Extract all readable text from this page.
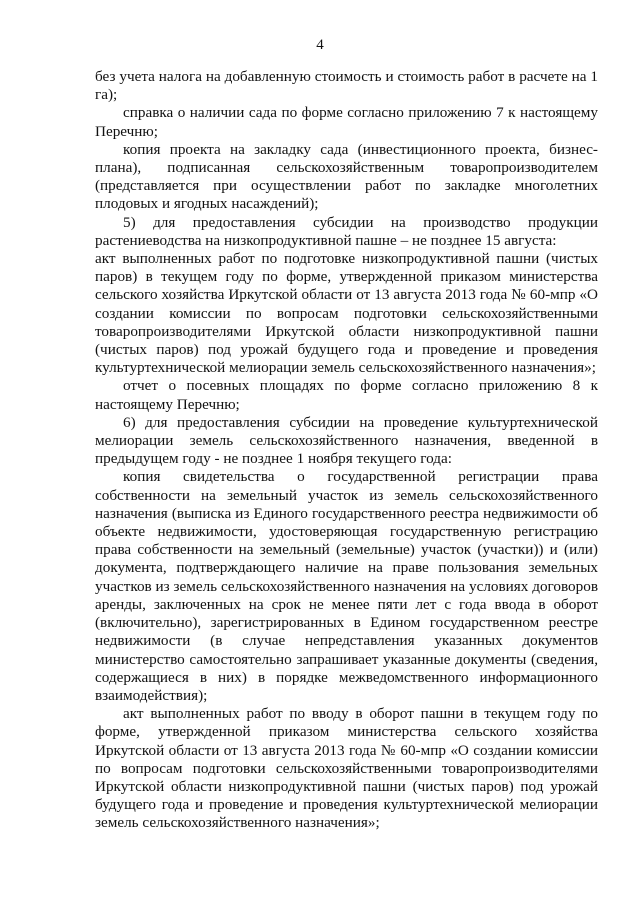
4

без учета налога на добавленную стоимость и стоимость работ в расчете на 1 га);

справка о наличии сада по форме согласно приложению 7 к настоящему Перечню;

копия проекта на закладку сада (инвестиционного проекта, бизнес-плана), подписанная сельскохозяйственным товаропроизводителем (представляется при осуществлении работ по закладке многолетних плодовых и ягодных насаждений);

5) для предоставления субсидии на производство продукции растениеводства на низкопродуктивной пашне – не позднее 15 августа:

акт выполненных работ по подготовке низкопродуктивной пашни (чистых паров) в текущем году по форме, утвержденной приказом министерства сельского хозяйства Иркутской области от 13 августа 2013 года № 60-мпр «О создании комиссии по вопросам подготовки сельскохозяйственными товаропроизводителями Иркутской области низкопродуктивной пашни (чистых паров) под урожай будущего года и проведение и проведения культуртехнической мелиорации земель сельскохозяйственного назначения»;

отчет о посевных площадях по форме согласно приложению 8 к настоящему Перечню;

6) для предоставления субсидии на проведение культуртехнической мелиорации земель сельскохозяйственного назначения, введенной в предыдущем году - не позднее 1 ноября текущего года:

копия свидетельства о государственной регистрации права собственности на земельный участок из земель сельскохозяйственного назначения (выписка из Единого государственного реестра недвижимости об объекте недвижимости, удостоверяющая государственную регистрацию права собственности на земельный (земельные) участок (участки)) и (или) документа, подтверждающего наличие на праве пользования земельных участков из земель сельскохозяйственного назначения на условиях договоров аренды, заключенных на срок не менее пяти лет с года ввода в оборот (включительно), зарегистрированных в Едином государственном реестре недвижимости (в случае непредставления указанных документов министерство самостоятельно запрашивает указанные документы (сведения, содержащиеся в них) в порядке межведомственного информационного взаимодействия);

акт выполненных работ по вводу в оборот пашни в текущем году по форме, утвержденной приказом министерства сельского хозяйства Иркутской области от 13 августа 2013 года № 60-мпр «О создании комиссии по вопросам подготовки сельскохозяйственными товаропроизводителями Иркутской области низкопродуктивной пашни (чистых паров) под урожай будущего года и проведение и проведения культуртехнической мелиорации земель сельскохозяйственного назначения»;
